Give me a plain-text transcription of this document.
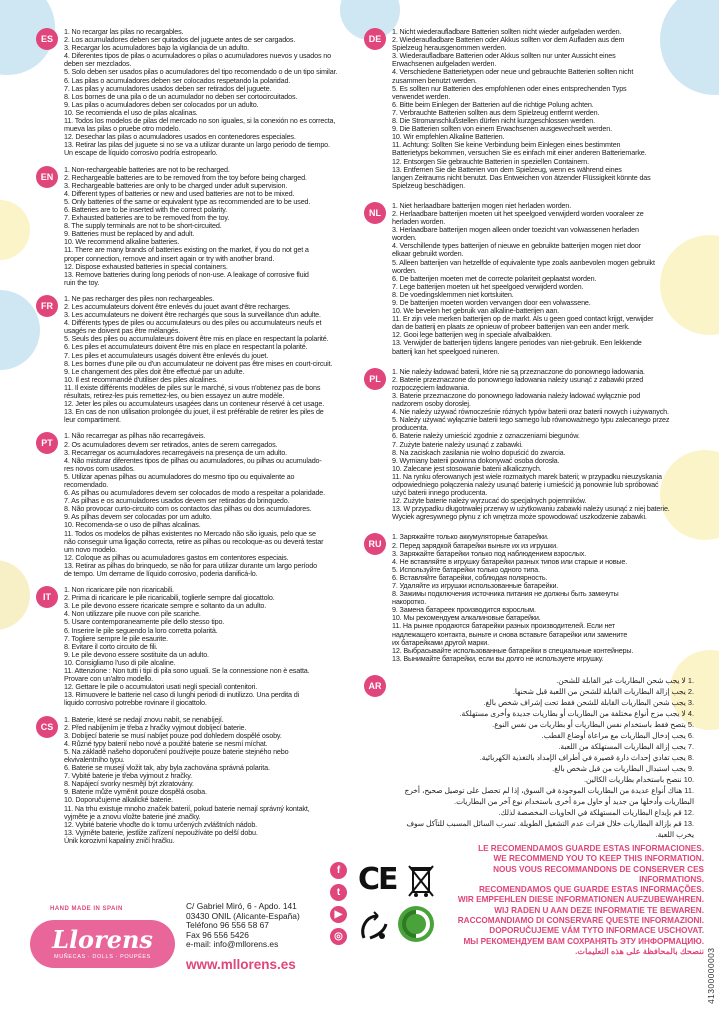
ES
1. No recargar las pilas no recargables.
2. Los acumuladores deben ser quitados del juguete antes de ser cargados.
3. Recargar los acumuladores bajo la vigilancia de un adulto.
4. Diferentes tipos de pilas o acumuladores o pilas o acumuladores nuevos y usados no
deben ser mezclados.
5. Solo deben ser usados pilas o acumuladores del tipo recomendado o de un tipo similar.
6. Las pilas o acumuladores deben ser colocados respetando la polaridad.
7. Las pilas y acumuladores usados deben ser retirados del juguete.
8. Los bornes de una pila o de un acumulador no deben ser cortocircuitados.
9. Las pilas o acumuladores deben ser colocados por un adulto.
10. Se recomienda el uso de pilas alcalinas.
11. Todos los modelos de pilas del mercado no son iguales, si la conexión no es correcta,
mueva las pilas o pruebe otro modelo.
12. Desechar las pilas o acumuladores usados en contenedores especiales.
13. Retirar las pilas del juguete si no se va a utilizar durante un largo periodo de tiempo.
Un escape de líquido corrosivo podría estropearlo.
EN
1. Non-rechargeable batteries are not to be recharged.
2. Rechargeable batteries are to be removed from the toy before being charged.
3. Rechargeable batteries are only to be charged under adult supervision.
4. Different types of batteries or new and used batteries are not to be mixed.
5. Only batteries of the same or equivalent type as recommended are to be used.
6. Batteries are to be inserted with the correct polarity.
7. Exhausted batteries are to be removed from the toy.
8. The supply terminals are not to be short-circuited.
9. Batteries must be replaced by and adult.
10. We recommend alkaline batteries.
11. There are many brands of batteries existing on the market, if you do not get a
proper connection, remove and insert again or try with another brand.
12. Dispose exhausted batteries in special containers.
13. Remove batteries during long periods of non-use. A leakage of corrosive fluid
ruin the toy.
FR
1. Ne pas recharger des piles non rechargeables.
2. Les accumulateurs doivent être enlevés du jouet avant d'être recharges.
3. Les accumulateurs ne doivent être rechargés que sous la surveillance d'un adulte.
4. Différents types de piles ou accumulateurs ou des piles ou accumulateurs neufs et
usagés ne doivent pas être mélangés.
5. Seuls des piles ou accumulateurs doivent être mis en place en respectant la polarité.
6. Les piles et accumulateurs doivent être mis en place en respectant la polarité.
7. Les piles et accumulateurs usagés doivent être enlevés du jouet.
8. Les bornes d'une pile ou d'un accumulateur ne doivent pas être mises en court-circuit.
9. Le changement des piles doit être effectué par un adulte.
10. Il est recommandé d'utiliser des piles alcalines.
11. Il existe différents modèles de piles sur le marché, si vous n'obtenez pas de bons
résultats, retirez-les puis remettez-les, ou bien essayez un autre modèle.
12. Jeter les piles ou accumulateurs usagées dans un conteneur réservé à cet usage.
13. En cas de non utilisation prolongée du jouet, il est préférable de retirer les piles de
leur compartiment.
PT
1. Não recarregar as pilhas não recarregáveis.
2. Os acumuladores devem ser retirados, antes de serem carregados.
3. Recarregar os acumuladores recarregáveis na presença de um adulto.
4. Não misturar diferentes tipos de pilhas ou acumuladores, ou pilhas ou acumulado-
res novos com usados.
5. Utilizar apenas pilhas ou acumuladores do mesmo tipo ou equivalente ao
recomendado.
6. As pilhas ou acumuladores devem ser colocados de modo a respeitar a polaridade.
7. As pilhas e os acumuladores usados devem ser retirados do brinquedo.
8. Não provocar curto-circuito com os contactos das pilhas ou dos acumuladores.
9. As pilhas devem ser colocadas por um adulto.
10. Recomenda-se o uso de pilhas alcalinas.
11. Todos os modelos de pilhas existentes no Mercado não são iguais, pelo que se
não conseguir uma ligação correcta, retire as pilhas ou recoloque-as ou deverá testar
um novo modelo.
12. Coloque as pilhas ou acumuladores gastos em contentores especiais.
13. Retirar as pilhas do brinquedo, se não for para utilizar durante um largo período
de tempo. Um derrame de líquido corrosivo, poderia danificá-lo.
IT
1. Non ricaricare pile non ricaricabili.
2. Prima di ricaricare le pile ricaricabili, toglierle sempre dal giocattolo.
3. Le pile devono essere ricaricate sempre e soltanto da un adulto.
4. Non utilizzare pile nuove con pile scariche.
5. Usare contemporaneamente pile dello stesso tipo.
6. Inserire le pile seguendo la loro corretta polarità.
7. Togliere sempre le pile esaurite.
8. Evitare il corto circuito de fili.
9. Le pile devono essere sostituite da un adulto.
10. Consigliamo l'uso di pile alcaline.
11. Attenzione : Non tutti i tipi di pila sono uguali. Se la connessione non è esatta.
Provare con un'altro modello.
12. Gettare le pile o accumulatori usati negli specialì contenitori.
13. Rimuovere le batterie nel caso di lunghi periodi di inutilizzo. Una perdita di
liquido corrosivo potrebbe rovinare il giocattolo.
CS
1. Baterie, které se nedají znovu nabít, se nenabíjejí.
2. Před nabíjením je třeba z hračky vyjmout dobíjecí baterie.
3. Dobíjecí baterie se musí nabíjet pouze pod dohledem dospělé osoby.
4. Různé typy baterií nebo nové a použité baterie se nesmí míchat.
5. Na základě našeho doporučení používejte pouze baterie stejného nebo
ekvivalentního typu.
6. Baterie se musejí vložit tak, aby byla zachována správná polarita.
7. Vybité baterie je třeba vyjmout z hračky.
8. Napájecí svorky nesmějí být zkratovány.
9. Baterie může vyměnit pouze dospělá osoba.
10. Doporučujeme alkalické baterie.
11. Na trhu existuje mnoho značek baterií, pokud baterie nemají správný kontakt,
vyjměte je a znovu vložte baterie jiné značky.
12. Vybité baterie vhoďte do k tomu určených zvláštních nádob.
13. Vyjměte baterie, jestliže zařízení nepoužíváte po delší dobu.
Únik korozivní kapaliny zničí hračku.
DE
1. Nicht wiederaufladbare Batterien sollten nicht wieder aufgeladen werden.
2. Wiederaufladbare Batterien oder Akkus sollten vor dem Aufladen aus dem
Spielzeug herausgenommen werden.
3. Wiederaufladbare Batterien oder Akkus sollten nur unter Aussicht eines
Erwachsenen aufgeladen werden.
4. Verschiedene Batterietypen oder neue und gebrauchte Batterien sollten nicht
zusammen benutzt werden.
5. Es sollten nur Batterien des empfohlenen oder eines entsprechenden Typs
verwendet werden.
6. Bitte beim Einlegen der Batterien auf die richtige Polung achten.
7. Verbrauchte Batterien sollten aus dem Spielzeug entfernt werden.
8. Die Stromanschlußstellen dürfen nicht kurzgeschlossen werden.
9. Die Batterien sollten von einem Erwachsenen ausgewechselt werden.
10. Wir empfehlen Alkaline Batterien.
11. Achtung: Sollten Sie keine Verbindung beim Einlegen eines bestimmten
Batterietyps bekommen, versuchen Sie es einfach mit einer anderen Batteriemarke.
12. Entsorgen Sie gebrauchte Batterien in speziellen Containern.
13. Entfernen Sie die Batterien von dem Spielzeug, wenn es während eines
langen Zeitraums nicht benutzt. Das Entweichen von ätzender Flüssigkeit könnte das
Spielzeug beschädigen.
NL
1. Niet herlaadbare batterijen mogen niet herladen worden.
2. Herlaadbare batterijen moeten uit het speelgoed verwijderd worden vooraleer ze
herladen worden.
3. Herlaadbare batterijen mogen alleen onder toezicht van volwassenen herladen
worden.
4. Verschillende types batterijen of nieuwe en gebruikte batterijen mogen niet door
elkaar gebruikt worden.
5. Alleen batterijen van hetzelfde of equivalente type zoals aanbevolen mogen gebruikt
worden.
6. De batterijen moeten met de correcte polariteit geplaatst worden.
7. Lege batterijen moeten uit het speelgoed verwijderd worden.
8. De voedingsklemmen niet kortsluiten.
9. De batterijen moeten worden vervangen door een volwassene.
10. We bevelen het gebruik van alkaline-batterijen aan.
11. Er zijn vele merken batterijen op de markt. Als u geen goed contact krijgt, verwijder
dan de batterij en plaats ze opnieuw of probeer batterijen van een ander merk.
12. Gooi lege batterijen weg in speciale afvalbakken.
13. Verwijder de batterijen tijdens langere periodes van niet-gebruik. Een lekkende
batterij kan het speelgoed ruineren.
PL
1. Nie należy ładować baterii, które nie są przeznaczone do ponownego ładowania.
2. Baterie przeznaczone do ponownego ładowania należy usunąć z zabawki przed
rozpoczęciem ładowania.
3. Baterie przeznaczone do ponownego ładowania należy ładować wyłącznie pod
nadzorem osoby dorosłej.
4. Nie należy używać równocześnie różnych typów baterii oraz baterii nowych i używanych.
5. Należy używać wyłącznie baterii tego samego lub równoważnego typu zalecanego przez
producenta.
6. Baterie należy umieścić zgodnie z oznaczeniami biegunów.
7. Zużyte baterie należy usunąć z zabawki.
8. Na zaciskach zasilania nie wolno dopuścić do zwarcia.
9. Wymiany baterii powinna dokonywać osoba dorosła.
10. Zalecane jest stosowanie baterii alkalicznych.
11. Na rynku oferowanych jest wiele rozmaitych marek baterii; w przypadku nieuzyskania
odpowiedniego połączenia należy usunąć baterię i umieścić ją ponownie lub spróbować
użyć baterii innego producenta.
12. Zużyte baterie należy wyrzucać do specjalnych pojemników.
13. W przypadku długotrwałej przerwy w użytkowaniu zabawki należy usunąć z niej baterie.
Wyciek agresywnego płynu z ich wnętrza może spowodować uszkodzenie zabawki.
RU
1. Заряжайте только аккумуляторные батарейки.
2. Перед зарядкой батарейки выньте их из игрушки.
3. Заряжайте батарейки только под наблюдением взрослых.
4. Не вставляйте в игрушку батарейки разных типов или старые и новые.
5. Используйте батарейки только одного типа.
6. Вставляйте батарейки, соблюдая полярность.
7. Удаляйте из игрушки использованные батарейки.
8. Зажимы подключения источника питания не должны быть замкнуты
накоротко.
9. Замена батареек производится взрослым.
10. Мы рекомендуем алкалиновые батарейки.
11. На рынке продаются батарейки разных производителей. Если нет
надлежащего контакта, выньте и снова вставьте батарейки или замените
их батарейками другой марки.
12. Выбрасывайте использованные батарейки в специальные контейнеры.
13. Вынимайте батарейки, если вы долго не используете игрушку.
AR
.1 لا يجب شحن البطاريات غير القابلة للشحن.
.2 يجب إزالة البطاريات القابلة للشحن من اللعبة قبل شحنها.
.3 يجب شحن البطاريات القابلة للشحن فقط تحت إشراف شخص بالغ.
.4 لا يجب مزج أنواع مختلفة من البطاريات أو بطاريات جديدة وأخرى مستهلكة.
.5 يتصح فقط باستخدام نفس البطاريات أو بطاريات من نفس النوع.
.6 يجب إدخال البطاريات مع مراعاة أوضاع القطب.
.7 يجب إزالة البطاريات المستهلكة من اللعبة.
.8 يجب تفادي إحداث دارة قصيرة في أطراف الإمداد بالتغذية الكهربائية.
.9 يجب استبدال البطاريات من قبل شخص بالغ.
.10 ننصح باستخدام بطاريات الكالين.
.11 هناك أنواع عديدة من البطاريات الموجودة في السوق، إذا لم تحصل على توصيل صحيح، أخرج
البطاريات وأدخلها من جديد أو حاول مرة أخرى باستخدام نوع آخر من البطاريات.
.12 قم بإيداع البطاريات المستهلكة في الحاويات المخصصة لذلك.
.13 قم بإزالة البطاريات خلال فترات عدم التشغيل الطويلة. تسرب السائل المسبب للتآكل سوف يخرب اللعبة.
HAND MADE IN SPAIN
Llorens
MUÑECAS · DOLLS · POUPÉES
C/ Gabriel Miró, 6 - Apdo. 141
03430 ONIL (Alicante-España)
Teléfono 96 556 58 67
Fax 96 556 5426
e-mail: info@mllorens.es
www.mllorens.es
f
t
▶
◎
CE
LE RECOMENDAMOS GUARDE ESTAS INFORMACIONES.
WE RECOMMEND YOU TO KEEP THIS INFORMATION.
NOUS VOUS RECOMMANDONS DE CONSERVER CES INFORMATIONS.
RECOMENDAMOS QUE GUARDE ESTAS INFORMAÇÕES.
WIR EMPFEHLEN DIESE INFORMATIONEN AUFZUBEWAHREN.
WIJ RADEN U AAN DEZE INFORMATIE TE BEWAREN.
RACCOMANDIAMO DI CONSERVARE QUESTE INFORMAZIONI.
DOPORUČUJEME VÁM TYTO INFORMACE USCHOVAT.
МЫ РЕКОМЕНДУЕМ ВАМ СОХРАНЯТЬ ЭТУ ИНФОРМАЦИЮ.
ننصحك بالمحافظة على هذه التعليمات. 41300000003
